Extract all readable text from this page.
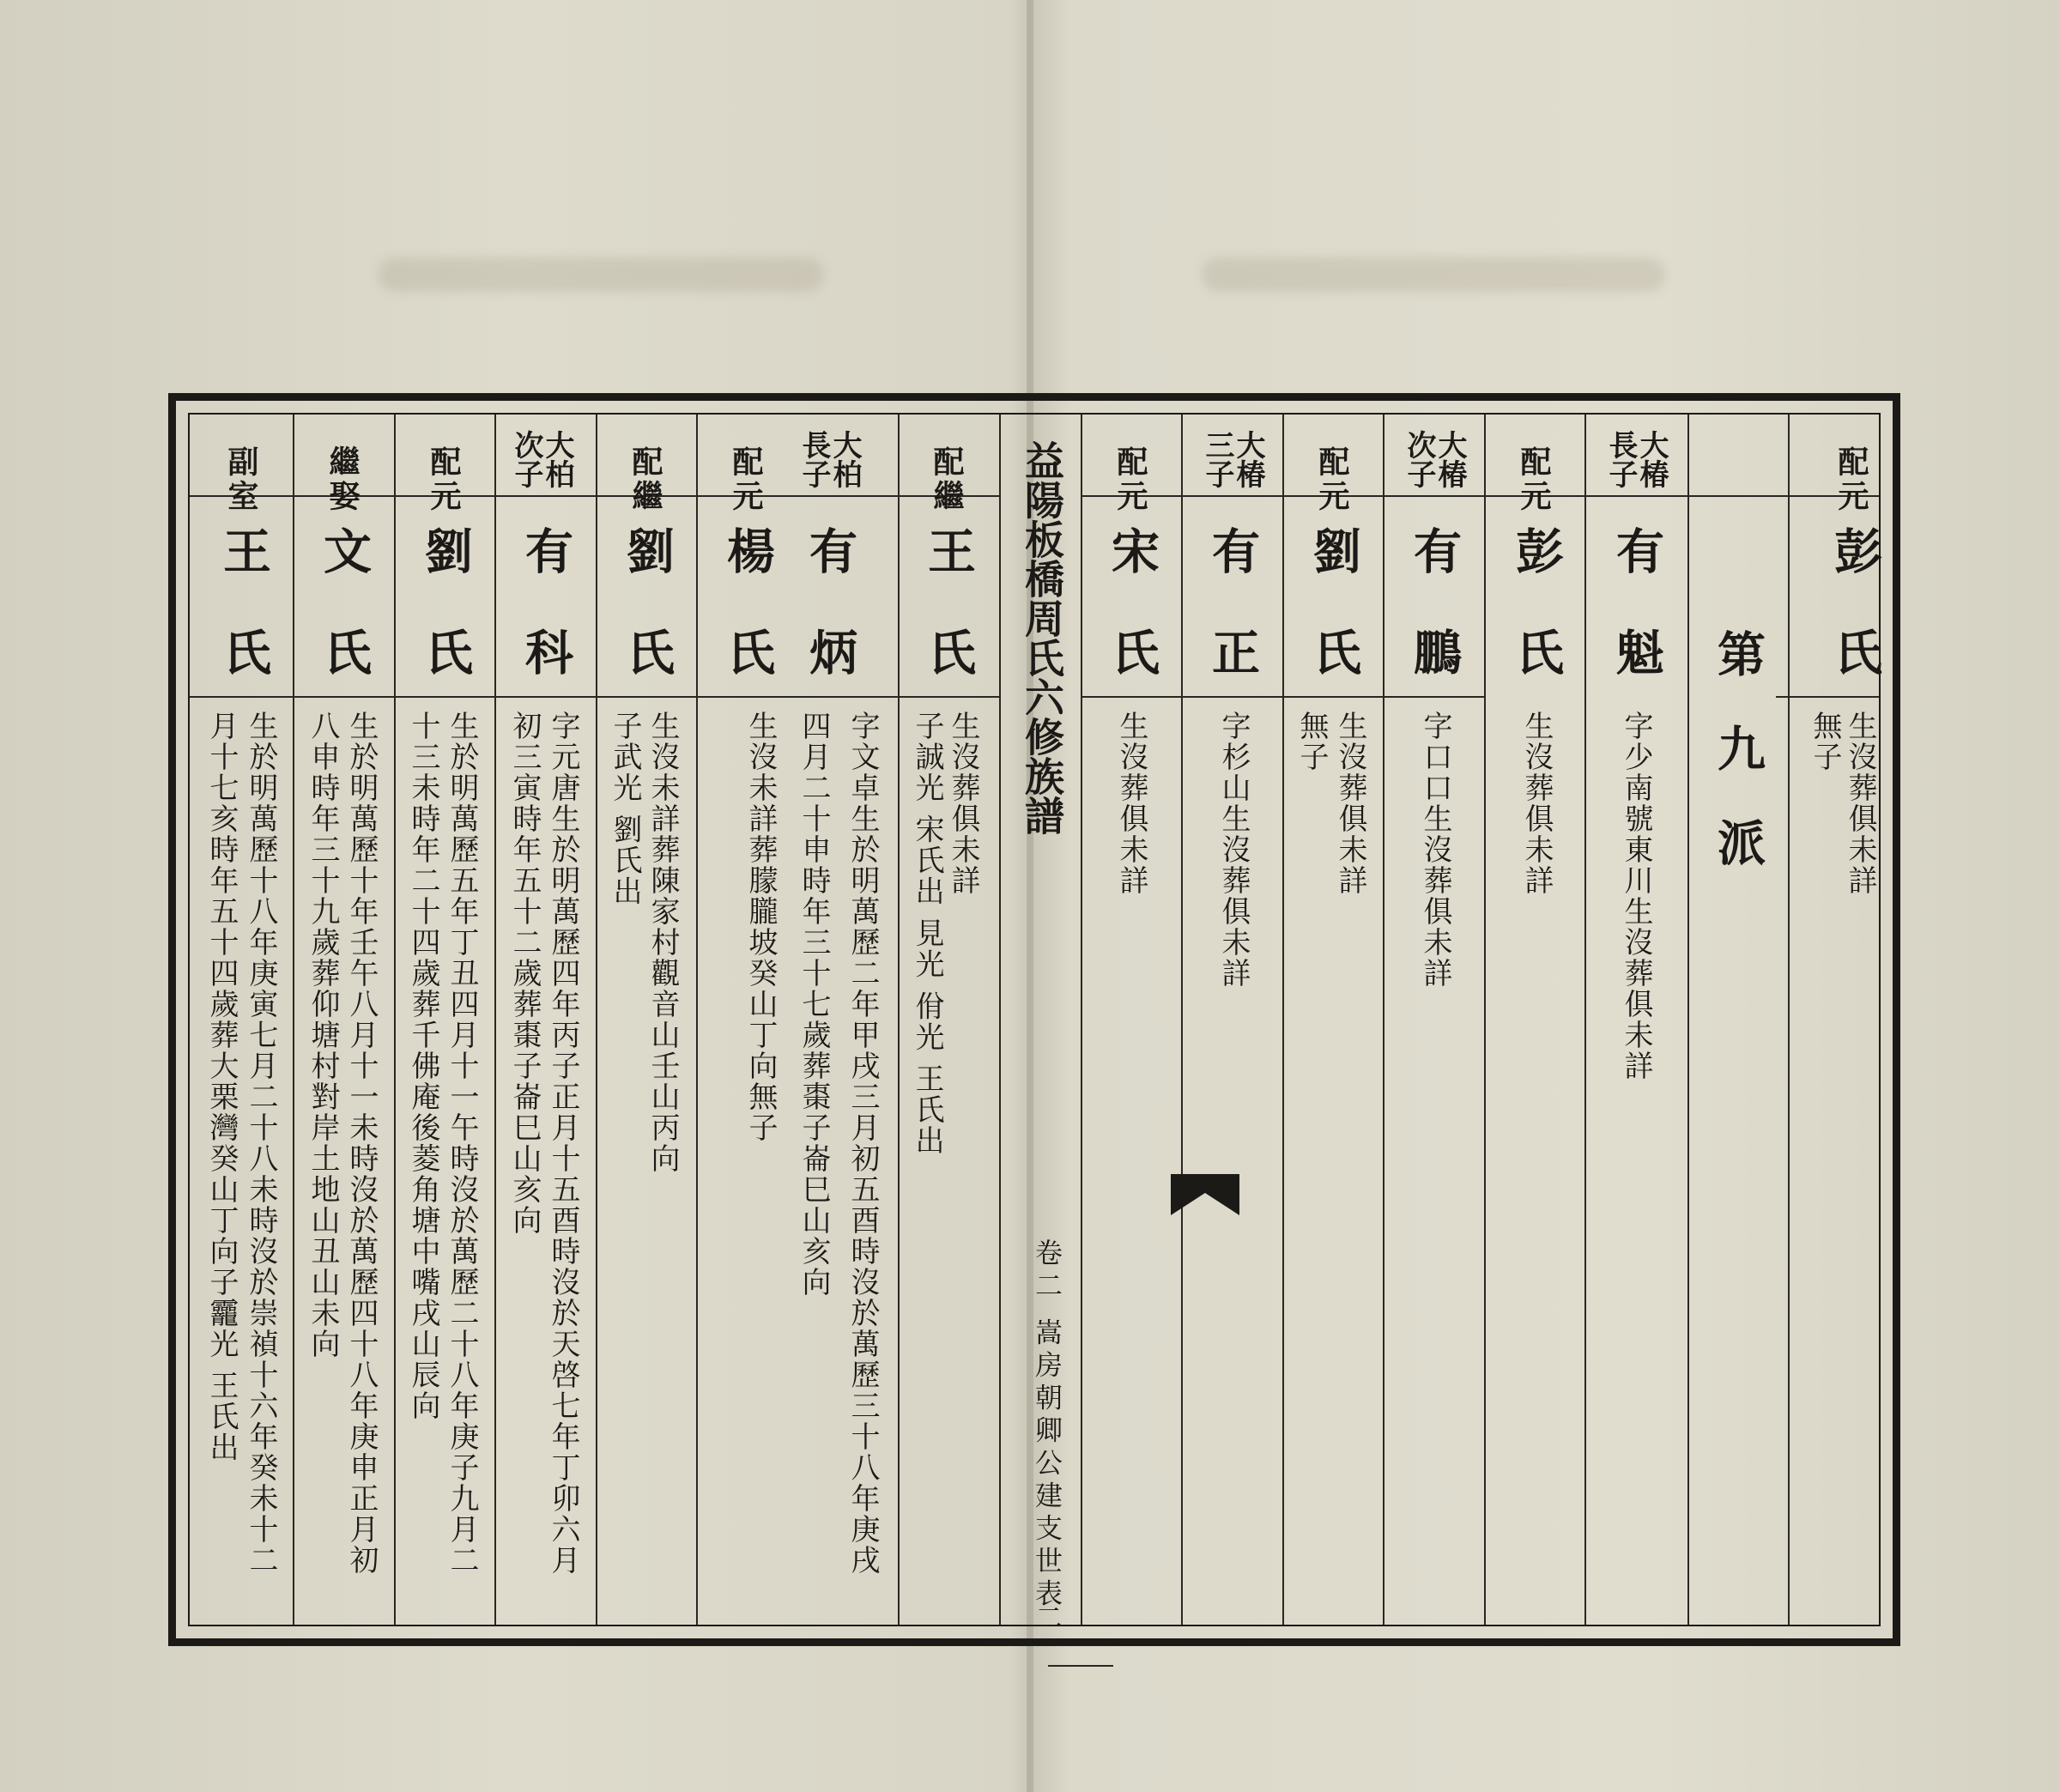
益陽板橋周氏六修族譜
卷二 嵩房朝卿公建支世表
二
配元
彭氏
生沒葬俱未詳
無子
第九派
大椿
長子
有魁
字少南號東川生沒葬俱未詳
配元
彭氏
生沒葬俱未詳
大椿
次子
有鵬
字口口生沒葬俱未詳
配元
劉氏
生沒葬俱未詳
無子
大椿
三子
有正
字杉山生沒葬俱未詳
配元
宋氏
生沒葬俱未詳
配繼
王氏
生沒葬俱未詳
子誠光 宋氏出 見光 佾光 王氏出
大柏
長子
有炳
字文卓生於明萬歷二年甲戌三月初五酉時沒於萬歷三十八年庚戌
四月二十申時年三十七歲葬棗子崙巳山亥向
配元
楊氏
生沒未詳葬朦朧坡癸山丁向無子
配繼
劉氏
生沒未詳葬陳家村觀音山壬山丙向
子武光 劉氏出
大柏
次子
有科
字元唐生於明萬歷四年丙子正月十五酉時沒於天啓七年丁卯六月
初三寅時年五十二歲葬棗子崙巳山亥向
配元
劉氏
生於明萬歷五年丁丑四月十一午時沒於萬歷二十八年庚子九月二
十三未時年二十四歲葬千佛庵後菱角塘中嘴戌山辰向
繼娶
文氏
生於明萬歷十年壬午八月十一未時沒於萬歷四十八年庚申正月初
八申時年三十九歲葬仰塘村對岸土地山丑山未向
副室
王氏
生於明萬歷十八年庚寅七月二十八未時沒於崇禎十六年癸未十二
月十七亥時年五十四歲葬大栗灣癸山丁向子龗光 王氏出
